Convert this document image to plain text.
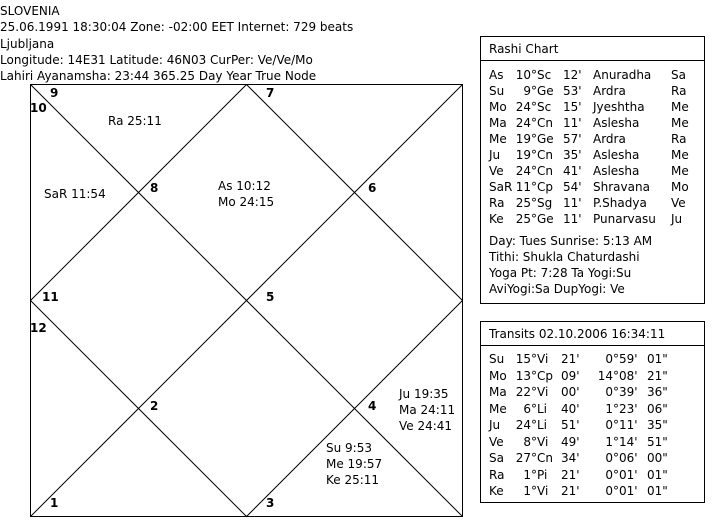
SLOVENIA
25.06.1991 18:30:04 Zone: -02:00 EET Internet: 729 beats
Ljubljana
Longitude: 14E31 Latitude: 46N03 CurPer: Ve/Ve/Mo
Lahiri Ayanamsha: 23:44 365.25 Day Year True Node
9	7
10
8	6
11	5
12
2	4
1	3
Ra 25:11
SaR 11:54
As 10:12
Mo 24:15
Ju 19:35
Ma 24:11
Ve 24:41
Su 9:53
Me 19:57
Ke 25:11
Rashi Chart
As 10° Sc 12' Anuradha Sa
Su 9° Ge 53' Ardra	Ra
Mo 24° Sc 15' Jyeshtha Me
Ma 24° Cn 11' Aslesha	Me
Me 19° Ge 57' Ardra	Ra
Ju 19° Cn 35' Aslesha	Me
Ve 24° Cn 41' Aslesha	Me
SaR 11° Cp 54' Shravana Mo
Ra 25° Sg 11' P.Shadya Ve
Ke 25° Ge 11' Punarvasu Ju
Day: Tues Sunrise: 5:13 AM
Tithi: Shukla Chaturdashi
Yoga Pt: 7:28 Ta Yogi:Su
AviYogi:Sa DupYogi: Ve
Transits 02.10.2006 16:34:11
Su 15° Vi 21' 0° 59' 01"
Mo 13° Cp 09' 14° 08' 21"
Ma 22° Vi 00' 0° 39' 36"
Me 6° Li 40' 1° 23' 06"
Ju 24° Li 51' 0° 11' 35"
Ve 8° Vi 49' 1° 14' 51"
Sa 27° Cn 34' 0° 06' 00"
Ra 1° Pi 21' 0° 01' 01"
Ke 1° Vi 21' 0° 01' 01"
